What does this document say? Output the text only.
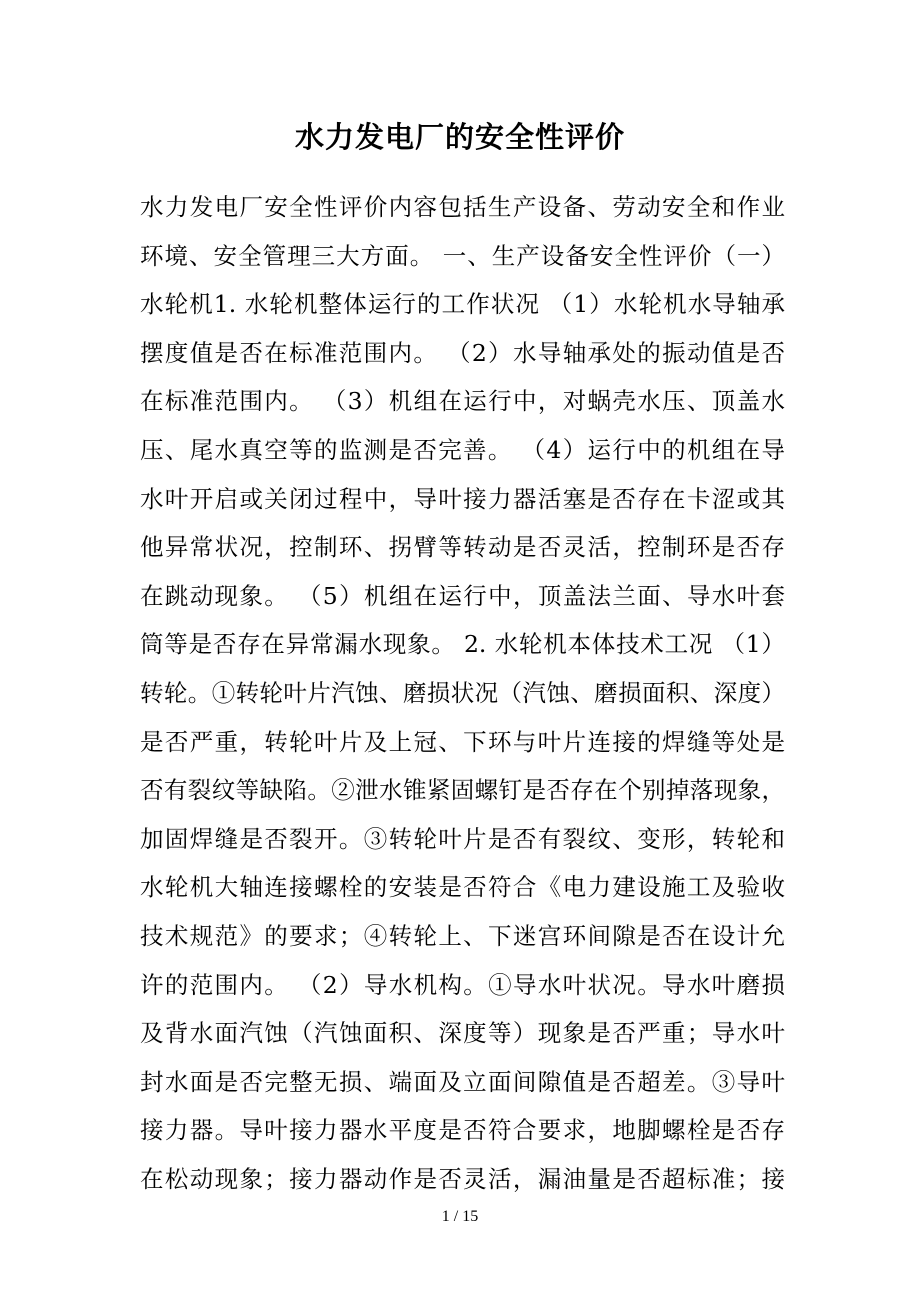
水力发电厂的安全性评价
水力发电厂安全性评价内容包括生产设备、劳动安全和作业
环境、安全管理三大方面。 一、生产设备安全性评价（一）
水轮机1. 水轮机整体运行的工作状况 （1）水轮机水导轴承
摆度值是否在标准范围内。 （2）水导轴承处的振动值是否
在标准范围内。 （3）机组在运行中，对蜗壳水压、顶盖水
压、尾水真空等的监测是否完善。 （4）运行中的机组在导
水叶开启或关闭过程中，导叶接力器活塞是否存在卡涩或其
他异常状况，控制环、拐臂等转动是否灵活，控制环是否存
在跳动现象。 （5）机组在运行中，顶盖法兰面、导水叶套
筒等是否存在异常漏水现象。 2. 水轮机本体技术工况 （1）
转轮。①转轮叶片汽蚀、磨损状况（汽蚀、磨损面积、深度）
是否严重，转轮叶片及上冠、下环与叶片连接的焊缝等处是
否有裂纹等缺陷。②泄水锥紧固螺钉是否存在个别掉落现象，
加固焊缝是否裂开。③转轮叶片是否有裂纹、变形，转轮和
水轮机大轴连接螺栓的安装是否符合《电力建设施工及验收
技术规范》的要求；④转轮上、下迷宫环间隙是否在设计允
许的范围内。 （2）导水机构。①导水叶状况。导水叶磨损
及背水面汽蚀（汽蚀面积、深度等）现象是否严重；导水叶
封水面是否完整无损、端面及立面间隙值是否超差。③导叶
接力器。导叶接力器水平度是否符合要求，地脚螺栓是否存
在松动现象；接力器动作是否灵活，漏油量是否超标准；接
1 / 15
